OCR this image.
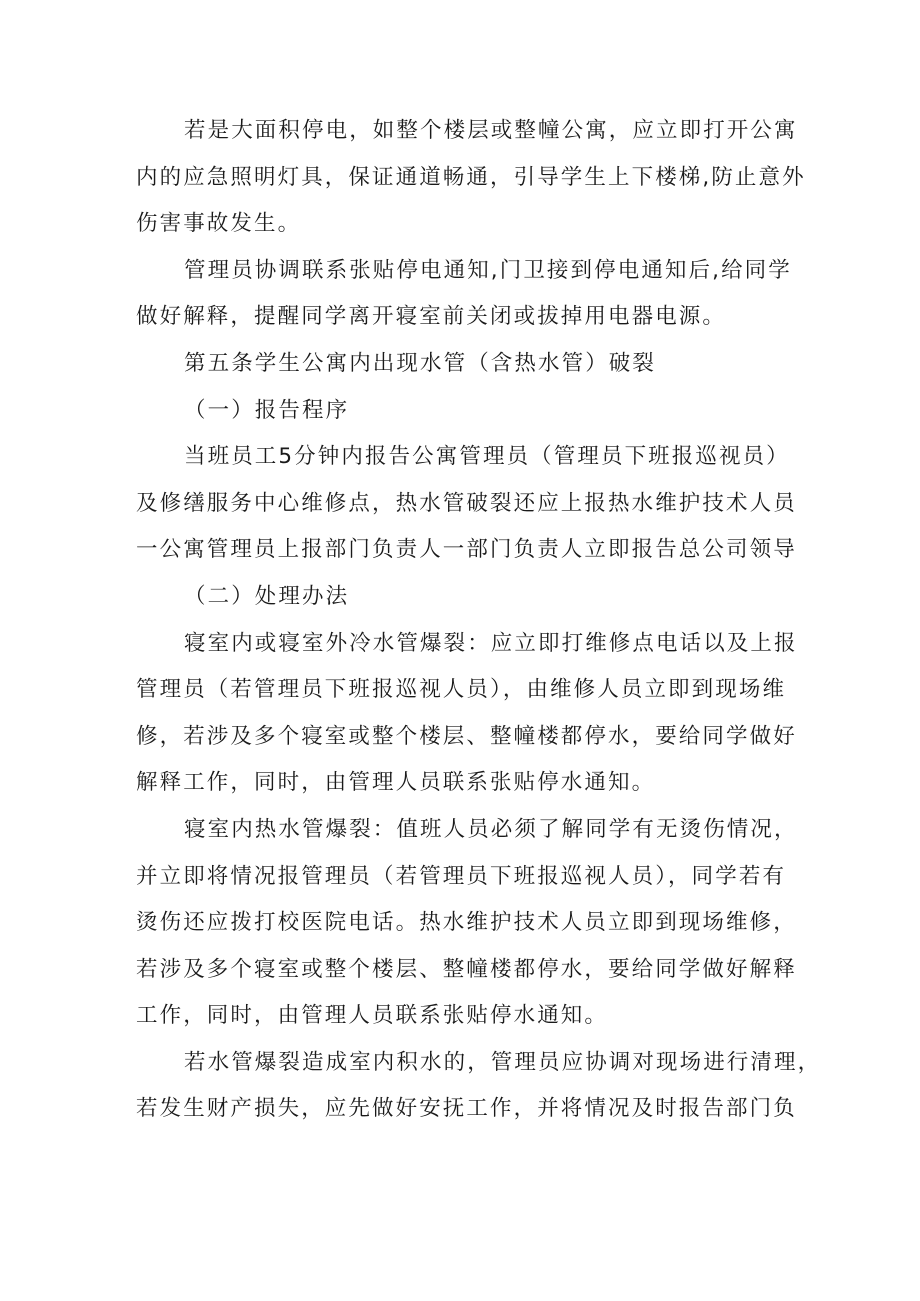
若是大面积停电，如整个楼层或整幢公寓，应立即打开公寓
内的应急照明灯具，保证通道畅通，引导学生上下楼梯,防止意外
伤害事故发生。
管理员协调联系张贴停电通知,门卫接到停电通知后,给同学
做好解释，提醒同学离开寝室前关闭或拔掉用电器电源。
第五条学生公寓内出现水管（含热水管）破裂
（一）报告程序
当班员工5分钟内报告公寓管理员（管理员下班报巡视员）
及修缮服务中心维修点，热水管破裂还应上报热水维护技术人员
一公寓管理员上报部门负责人一部门负责人立即报告总公司领导
（二）处理办法
寝室内或寝室外冷水管爆裂：应立即打维修点电话以及上报
管理员（若管理员下班报巡视人员），由维修人员立即到现场维
修，若涉及多个寝室或整个楼层、整幢楼都停水，要给同学做好
解释工作，同时，由管理人员联系张贴停水通知。
寝室内热水管爆裂：值班人员必须了解同学有无烫伤情况，
并立即将情况报管理员（若管理员下班报巡视人员），同学若有
烫伤还应拨打校医院电话。热水维护技术人员立即到现场维修，
若涉及多个寝室或整个楼层、整幢楼都停水，要给同学做好解释
工作，同时，由管理人员联系张贴停水通知。
若水管爆裂造成室内积水的，管理员应协调对现场进行清理，
若发生财产损失，应先做好安抚工作，并将情况及时报告部门负
